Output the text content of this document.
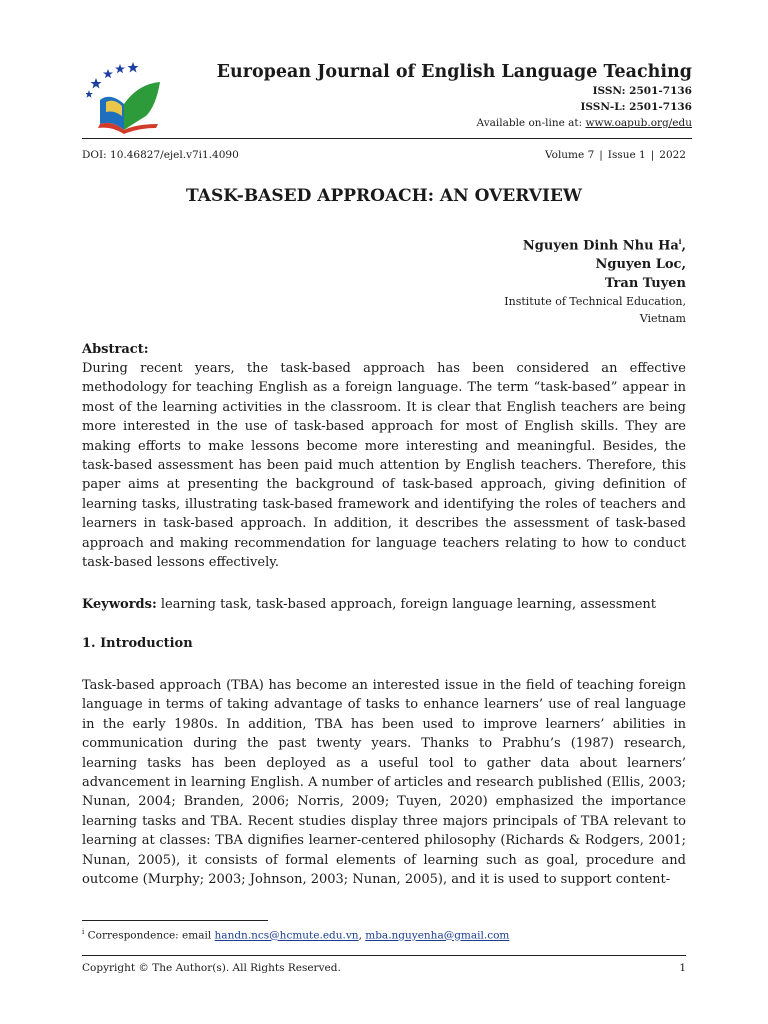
European Journal of English Language Teaching
ISSN: 2501-7136
ISSN-L: 2501-7136
Available on-line at: www.oapub.org/edu
DOI: 10.46827/ejel.v7i1.4090	Volume 7 | Issue 1 | 2022
TASK-BASED APPROACH: AN OVERVIEW
Nguyen Dinh Nhu Ha$^i$,
Nguyen Loc,
Tran Tuyen
Institute of Technical Education,
Vietnam
Abstract:
During recent years, the task-based approach has been considered an effective methodology for teaching English as a foreign language. The term “task-based” appear in most of the learning activities in the classroom. It is clear that English teachers are being more interested in the use of task-based approach for most of English skills. They are making efforts to make lessons become more interesting and meaningful. Besides, the task-based assessment has been paid much attention by English teachers. Therefore, this paper aims at presenting the background of task-based approach, giving definition of learning tasks, illustrating task-based framework and identifying the roles of teachers and learners in task-based approach. In addition, it describes the assessment of task-based approach and making recommendation for language teachers relating to how to conduct task-based lessons effectively.
Keywords: learning task, task-based approach, foreign language learning, assessment
1. Introduction
Task-based approach (TBA) has become an interested issue in the field of teaching foreign language in terms of taking advantage of tasks to enhance learners’ use of real language in the early 1980s. In addition, TBA has been used to improve learners’ abilities in communication during the past twenty years. Thanks to Prabhu’s (1987) research, learning tasks has been deployed as a useful tool to gather data about learners’ advancement in learning English. A number of articles and research published (Ellis, 2003; Nunan, 2004; Branden, 2006; Norris, 2009; Tuyen, 2020) emphasized the importance learning tasks and TBA. Recent studies display three majors principals of TBA relevant to learning at classes: TBA dignifies learner-centered philosophy (Richards & Rodgers, 2001; Nunan, 2005), it consists of formal elements of learning such as goal, procedure and outcome (Murphy; 2003; Johnson, 2003; Nunan, 2005), and it is used to support content-
$^i$ Correspondence: email handn.ncs@hcmute.edu.vn, mba.nguyenha@gmail.com
Copyright © The Author(s). All Rights Reserved.	1
